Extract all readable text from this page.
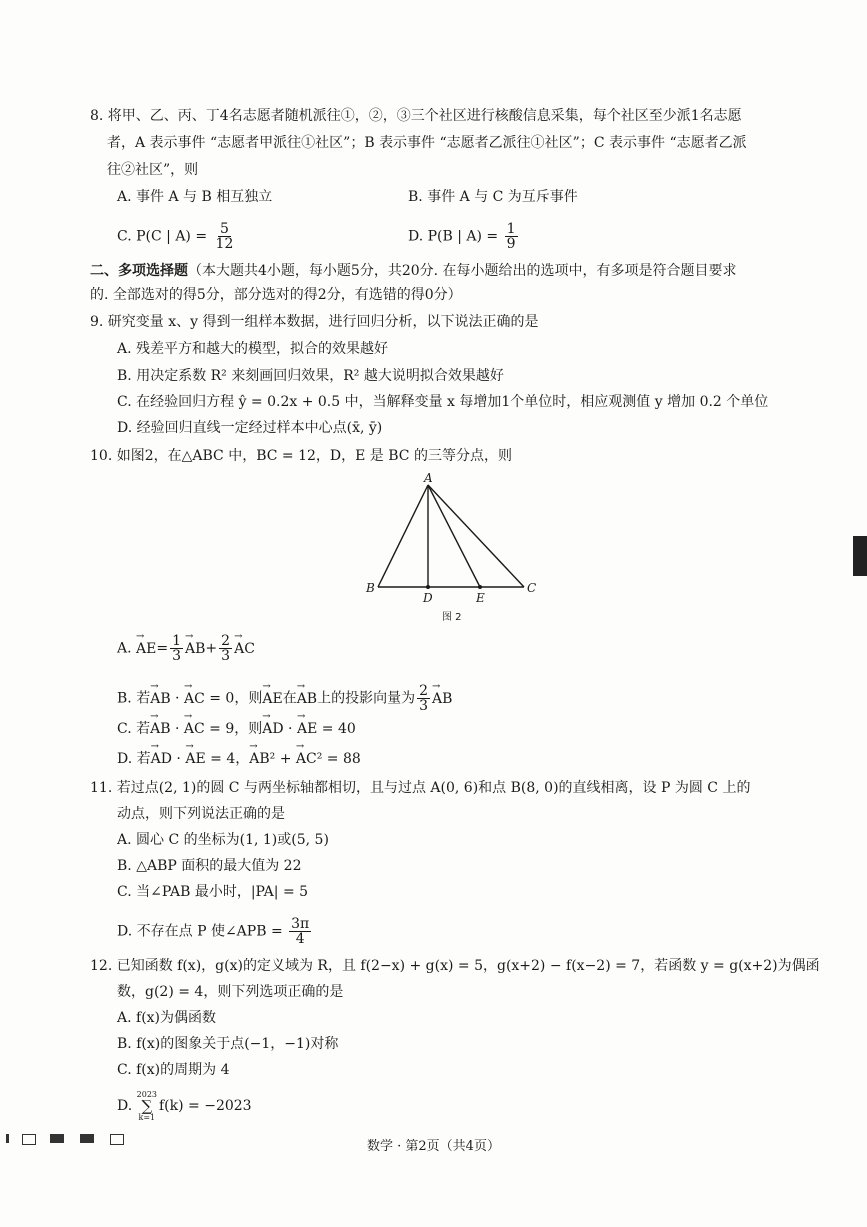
8. 将甲、乙、丙、丁4名志愿者随机派往①，②，③三个社区进行核酸信息采集，每个社区至少派1名志愿
者，A 表示事件 “志愿者甲派往①社区”；B 表示事件 “志愿者乙派往①社区”；C 表示事件 “志愿者乙派
往②社区”，则
A. 事件 A 与 B 相互独立	B. 事件 A 与 C 为互斥事件
C. P(C | $A) = \frac{5}{12}$	D. P(B | $A) = \frac{1}{9}$
二、多项选择题（本大题共4小题，每小题5分，共20分. 在每小题给出的选项中，有多项是符合题目要求
的. 全部选对的得5分，部分选对的得2分，有选错的得0分）
9. 研究变量 x、y 得到一组样本数据，进行回归分析，以下说法正确的是
A. 残差平方和越大的模型，拟合的效果越好
B. 用决定系数 R² 来刻画回归效果，R² 越大说明拟合效果越好
C. 在经验回归方程 ŷ = 0.2x + 0.5 中，当解释变量 x 每增加1个单位时，相应观测值 y 增加 0.2 个单位
D. 经验回归直线一定经过样本中心点(x̄, ȳ)
10. 如图2，在△ABC 中，BC = 12，D，E 是 BC 的三等分点，则
A
B	C
D	E
图 2
A. → $AE= \frac{1}{3}$
→ $AB+ \frac{2}{3}$
→ AC
B. 若→ AB · → AC = 0，则→ AE在→ AB上的投影向量为 $\frac{2}{3}$
→ AB
C. 若→ AB · → AC = 9，则→ AD · → AE = 40
D. 若→ AD · → AE = 4，→ AB² + → AC² = 88
11. 若过点(2, 1)的圆 C 与两坐标轴都相切，且与过点 A(0, 6)和点 B(8, 0)的直线相离，设 P 为圆 C 上的
动点，则下列说法正确的是
A. 圆心 C 的坐标为(1, 1)或(5, 5)
B. △ABP 面积的最大值为 22
C. 当∠PAB 最小时，|PA| = 5
D. 不存在点 P 使∠APB = $\frac{3\pi}{4}$
12. 已知函数 f(x)，g(x)的定义域为 R，且 f(2−x) + g(x) = 5，g(x+2) − f(x−2) = 7，若函数 y = g(x+2)为偶函
数，g(2) = 4，则下列选项正确的是
A. f(x)为偶函数
B. f(x)的图象关于点(−1，−1)对称
C. f(x)的周期为 4
D.
2023
∑
k=1
f(k) = −2023
数学 · 第2页（共4页）
